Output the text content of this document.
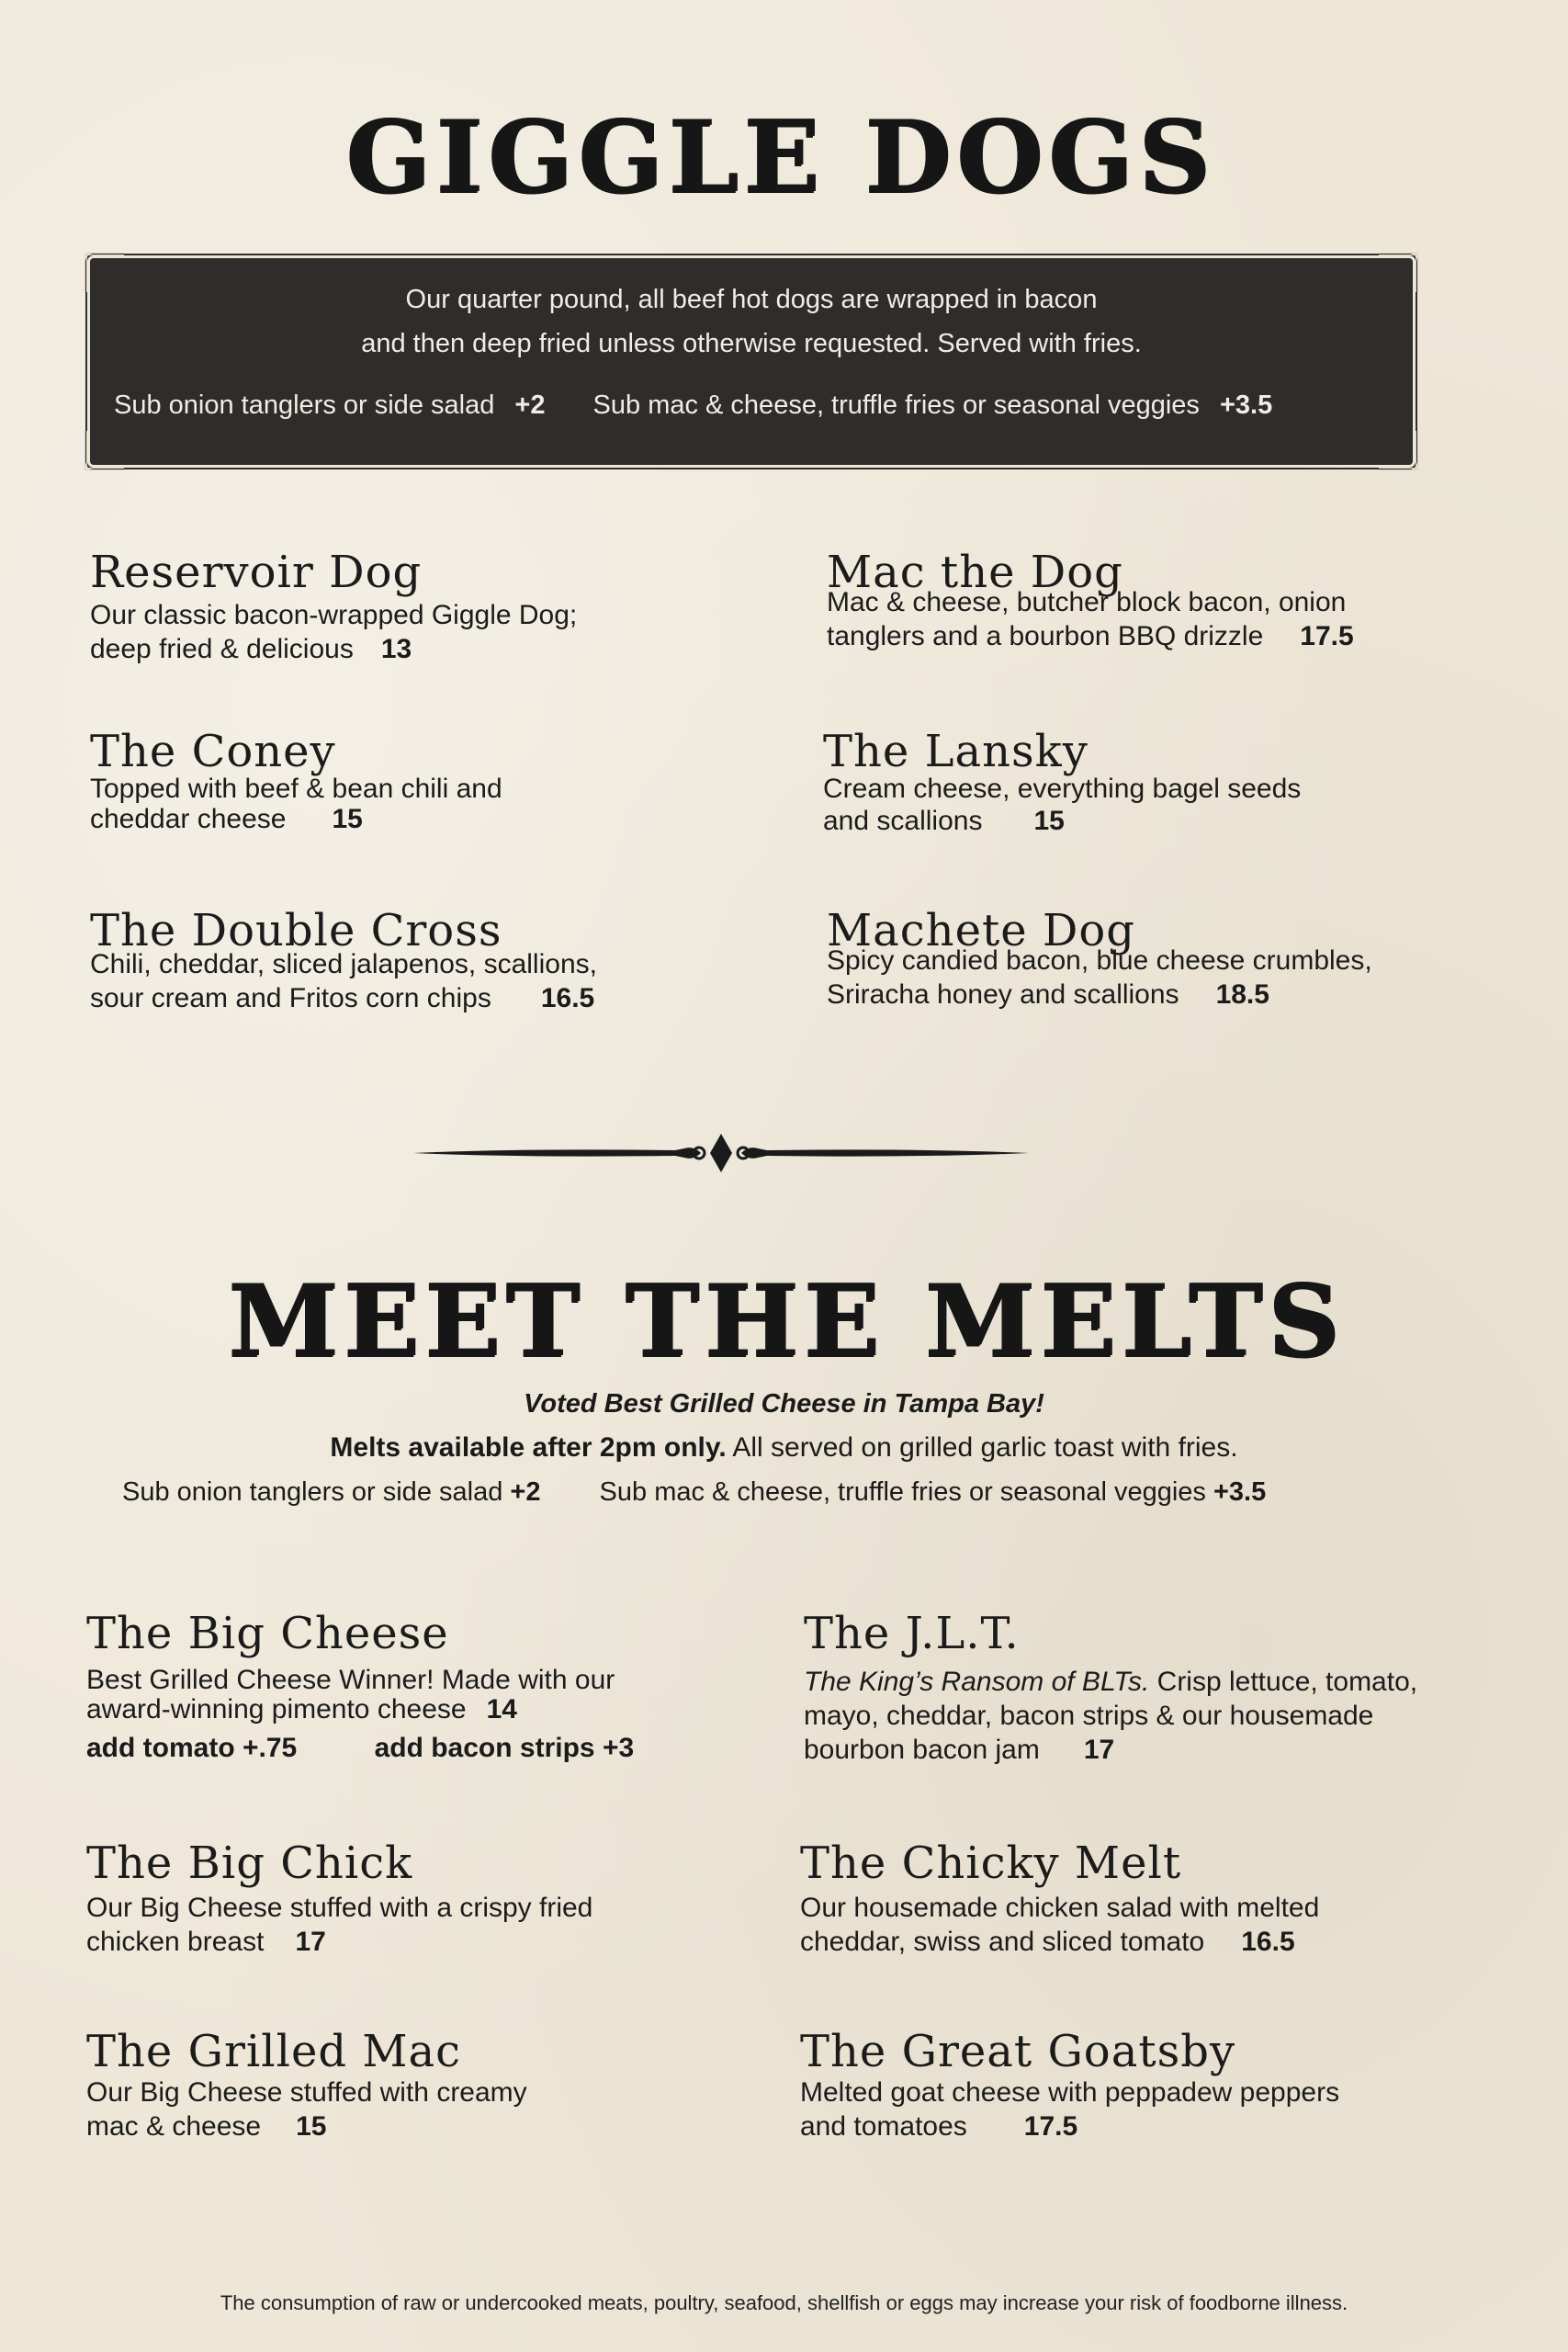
GIGGLE DOGS
Our quarter pound, all beef hot dogs are wrapped in bacon
and then deep fried unless otherwise requested. Served with fries.
Sub onion tanglers or side salad +2 Sub mac & cheese, truffle fries or seasonal veggies +3.5
Reservoir Dog
Our classic bacon-wrapped Giggle Dog;
deep fried & delicious 13
Mac the Dog
Mac & cheese, butcher block bacon, onion
tanglers and a bourbon BBQ drizzle 17.5
The Coney
Topped with beef & bean chili and
cheddar cheese 15
The Lansky
Cream cheese, everything bagel seeds
and scallions 15
The Double Cross
Chili, cheddar, sliced jalapenos, scallions,
sour cream and Fritos corn chips 16.5
Machete Dog
Spicy candied bacon, blue cheese crumbles,
Sriracha honey and scallions 18.5
MEET THE MELTS
Voted Best Grilled Cheese in Tampa Bay!
Melts available after 2pm only. All served on grilled garlic toast with fries.
Sub onion tanglers or side salad +2 Sub mac & cheese, truffle fries or seasonal veggies +3.5
The Big Cheese
Best Grilled Cheese Winner! Made with our
award-winning pimento cheese 14
add tomato +.75	add bacon strips +3
The J.L.T.
The King’s Ransom of BLTs. Crisp lettuce, tomato,
mayo, cheddar, bacon strips & our housemade
bourbon bacon jam 17
The Big Chick
Our Big Cheese stuffed with a crispy fried
chicken breast 17
The Chicky Melt
Our housemade chicken salad with melted
cheddar, swiss and sliced tomato 16.5
The Grilled Mac
Our Big Cheese stuffed with creamy
mac & cheese 15
The Great Goatsby
Melted goat cheese with peppadew peppers
and tomatoes 17.5
The consumption of raw or undercooked meats, poultry, seafood, shellfish or eggs may increase your risk of foodborne illness.
